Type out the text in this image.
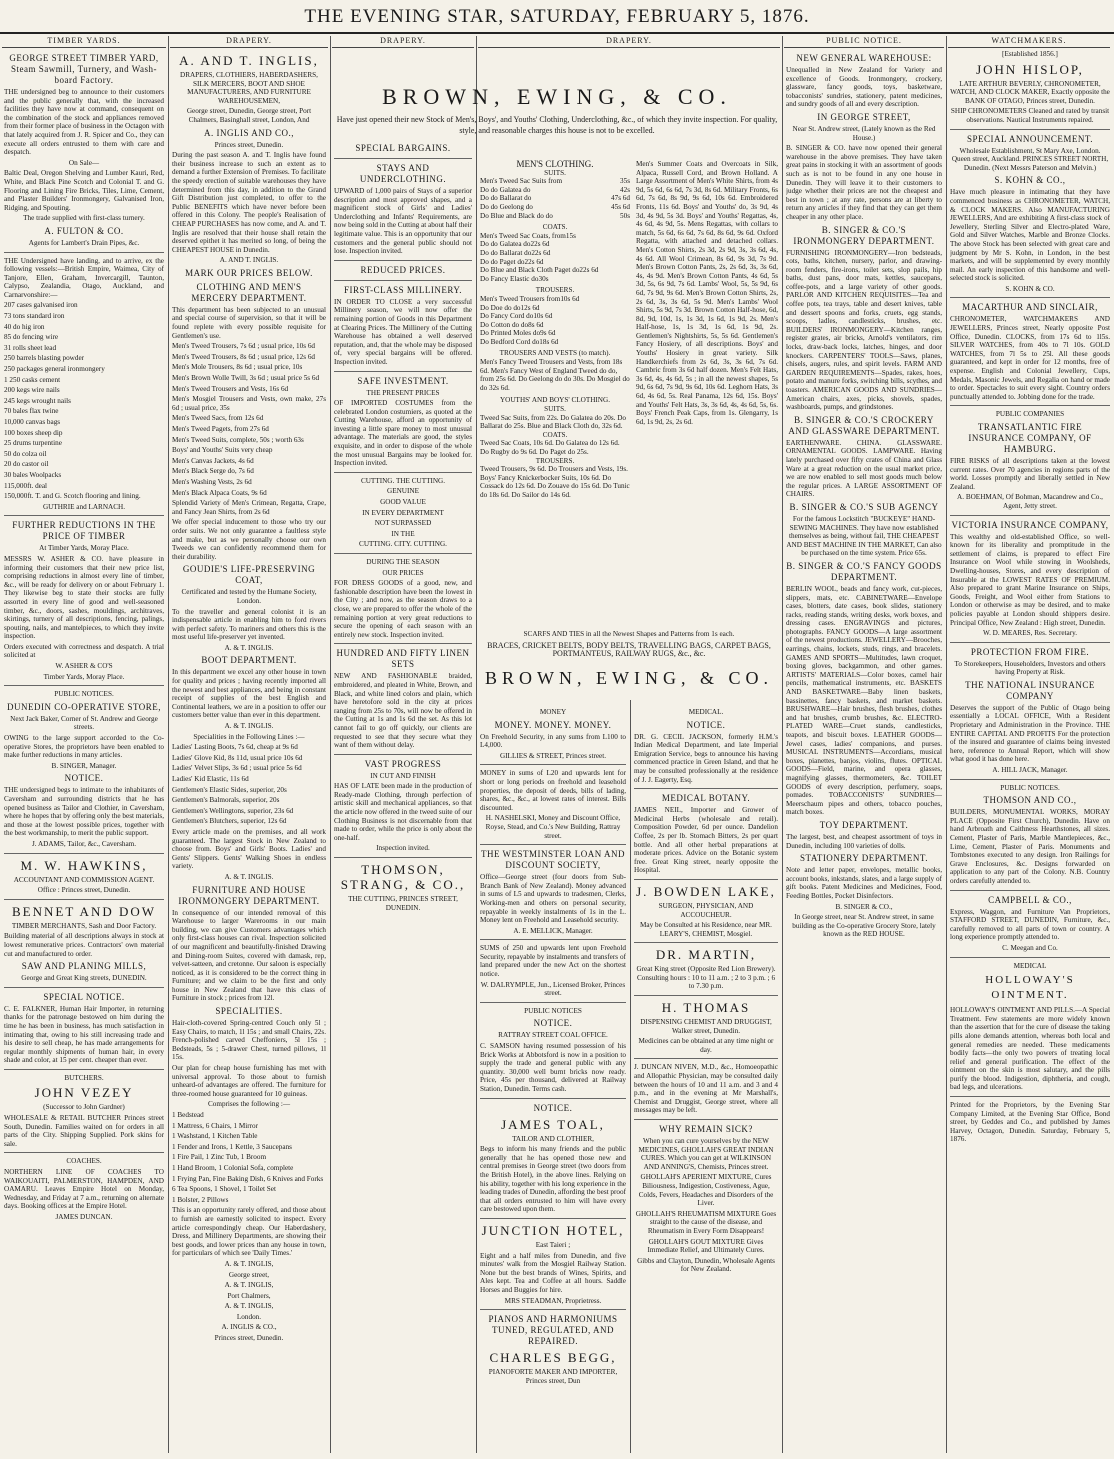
THE EVENING STAR, SATURDAY, FEBRUARY 5, 1876.
TIMBER YARDS.	DRAPERY.	DRAPERY.	DRAPERY.	PUBLIC NOTICE.	WATCHMAKERS.

GEORGE STREET TIMBER YARD, Steam Sawmill, Turnery, and Wash-board Factory.

THE undersigned beg to announce to their customers and the public generally that, with the increased facilities they have now at command, consequent on the combination of the stock and appliances removed from their former place of business in the Octagon with that lately acquired from J. R. Spicer and Co., they can execute all orders entrusted to them with care and despatch.

On Sale—

Baltic Deal, Oregon Shelving and Lumber Kauri, Red, White, and Black Pine Scotch and Colonial T. and G. Flooring and Lining Fire Bricks, Tiles, Lime, Cement, and Plaster Builders' Ironmongery, Galvanised Iron, Ridging, and Spouting.

The trade supplied with first-class turnery.

A. FULTON & CO.

Agents for Lambert's Drain Pipes, &c.

THE Undersigned have landing, and to arrive, ex the following vessels:—British Empire, Waimea, City of Tanjore, Ellen, Graham, Invercargill, Taunton, Calypso, Zealandia, Otago, Auckland, and Carnarvonshire:—

207 cases galvanised iron

73 tons standard iron

40 do hig iron

85 do fencing wire

31 rolls sheet lead

250 barrels blasting powder

250 packages general ironmongery

1 250 casks cement

200 kegs wire nails

245 kegs wrought nails

70 bales flax twine

10,000 canvas bags

100 boxes sheep dip

25 drums turpentine

50 do colza oil

20 do castor oil

30 bales Woolpacks

115,000ft. deal

150,000ft. T. and G. Scotch flooring and lining.

GUTHRIE and LARNACH.

FURTHER REDUCTIONS IN THE PRICE OF TIMBER

At Timber Yards, Moray Place.

MESSRS W. ASHER & CO. have pleasure in informing their customers that their new price list, comprising reductions in almost every line of timber, &c., will be ready for delivery on or about February 1. They likewise beg to state their stocks are fully assorted in every line of good and well-seasoned timber, &c., doors, sashes, mouldings, architraves, skirtings, turnery of all descriptions, fencing, palings, spouting, nails, and mantelpieces, to which they invite inspection.

Orders executed with correctness and despatch. A trial solicited at

W. ASHER & CO'S

Timber Yards, Moray Place.

PUBLIC NOTICES.

DUNEDIN CO-OPERATIVE STORE,

Next Jack Baker, Corner of St. Andrew and George streets.

OWING to the large support accorded to the Co-operative Stores, the proprietors have been enabled to make further reductions in many articles.

B. SINGER, Manager.

NOTICE.

THE undersigned begs to intimate to the inhabitants of Caversham and surrounding districts that he has opened business as Tailor and Clothier, in Caversham, where he hopes that by offering only the best materials, and those at the lowest possible prices, together with the best workmanship, to merit the public support.

J. ADAMS, Tailor, &c., Caversham.

M. W. HAWKINS,

ACCOUNTANT AND COMMISSION AGENT.

Office : Princes street, Dunedin.

BENNET AND DOW

TIMBER MERCHANTS, Sash and Door Factory.

Building material of all descriptions always in stock at lowest remunerative prices. Contractors' own material cut and manufactured to order.

SAW AND PLANING MILLS,

George and Great King streets, DUNEDIN.

SPECIAL NOTICE.

C. E. FALKNER, Human Hair Importer, in returning thanks for the patronage bestowed on him during the time he has been in business, has much satisfaction in intimating that, owing to his still increasing trade and his desire to sell cheap, he has made arrangements for regular monthly shipments of human hair, in every shade and color, at 15 per cent. cheaper than ever.

BUTCHERS.

JOHN VEZEY

(Successor to John Gardner)

WHOLESALE & RETAIL BUTCHER Princes street South, Dunedin. Families waited on for orders in all parts of the City. Shipping Supplied. Pork skins for sale.

COACHES.

NORTHERN LINE OF COACHES TO WAIKOUAITI, PALMERSTON, HAMPDEN, AND OAMARU. Leaves Empire Hotel on Monday, Wednesday, and Friday at 7 a.m., returning on alternate days. Booking offices at the Empire Hotel.

JAMES DUNCAN.

A. AND T. INGLIS,

DRAPERS, CLOTHIERS, HABERDASHERS, SILK MERCERS, BOOT AND SHOE MANUFACTURERS, AND FURNITURE WAREHOUSEMEN,

George street, Dunedin, George street, Port Chalmers, Basinghall street, London, And

A. INGLIS AND CO.,

Princes street, Dunedin.

During the past season A. and T. Inglis have found their business increase to such an extent as to demand a further Extension of Premises. To facilitate the speedy erection of suitable warehouses they have determined from this day, in addition to the Grand Gift Distribution just completed, to offer to the Public BENEFITS which have never before been offered in this Colony. The people's Realisation of CHEAP PURCHASES has now come, and A. and T. Inglis are resolved that their house shall retain the deserved epithet it has merited so long, of being the CHEAPEST HOUSE in Dunedin.

A. AND T. INGLIS.

MARK OUR PRICES BELOW.

CLOTHING AND MEN'S MERCERY DEPARTMENT.

This department has been subjected to an unusual and special course of supervision, so that it will be found replete with every possible requisite for Gentlemen's use.

Men's Tweed Trousers, 7s 6d ; usual price, 10s 6d

Men's Tweed Trousers, 8s 6d ; usual price, 12s 6d

Men's Mole Trousers, 8s 6d ; usual price, 10s

Men's Brown Wolle Twill, 3s 6d ; usual price 5s 6d

Men's Tweed Trousers and Vests, 16s 6d

Men's Mosgiel Trousers and Vests, own make, 27s 6d ; usual price, 35s

Men's Tweed Sacs, from 12s 6d

Men's Tweed Pagets, from 27s 6d

Men's Tweed Suits, complete, 50s ; worth 63s

Boys' and Youths' Suits very cheap

Men's Canvas Jackets, 4s 6d

Men's Black Serge do, 7s 6d

Men's Washing Vests, 2s 6d

Men's Black Alpaca Coats, 9s 6d

Splendid Variety of Men's Crimean, Regatta, Crape, and Fancy Jean Shirts, from 2s 6d

We offer special inducement to those who try our order suits. We not only guarantee a faultless style and make, but as we personally choose our own Tweeds we can confidently recommend them for their durability.

GOUDIE'S LIFE-PRESERVING COAT,

Certificated and tested by the Humane Society, London.

To the traveller and general colonist it is an indispensable article in enabling him to ford rivers with perfect safety. To mariners and others this is the most useful life-preserver yet invented.

A. & T. INGLIS.

BOOT DEPARTMENT.

In this department we excel any other house in town for quality and prices ; having recently imported all the newest and best appliances, and being in constant receipt of supplies of the best English and Continental leathers, we are in a position to offer our customers better value than ever in this department.

A. & T. INGLIS.

Specialities in the Following Lines :—

Ladies' Lasting Boots, 7s 6d, cheap at 9s 6d

Ladies' Glove Kid, 8s 11d, usual price 10s 6d

Ladies' Velvet Slips, 3s 6d ; usual price 5s 6d

Ladies' Kid Elastic, 11s 6d

Gentlemen's Elastic Sides, superior, 20s

Gentlemen's Balmorals, superior, 20s

Gentlemen's Wellingtons, superior, 23s 6d

Gentlemen's Blutchers, superior, 12s 6d

Every article made on the premises, and all work guaranteed. The largest Stock in New Zealand to choose from. Boys' and Girls' Boots. Ladies' and Gents' Slippers. Gents' Walking Shoes in endless variety.

A. & T. INGLIS.

FURNITURE AND HOUSE IRONMONGERY DEPARTMENT.

In consequence of our intended removal of this Warehouse to larger Warerooms in our main building, we can give Customers advantages which only first-class houses can rival. Inspection solicited of our magnificent and beautifully-finished Drawing and Dining-room Suites, covered with damask, rep, velvet-satteen, and cretonne. Our saloon is especially noticed, as it is considered to be the correct thing in Furniture; and we claim to be the first and only house in New Zealand that have this class of Furniture in stock ; prices from 12l.

SPECIALITIES.

Hair-cloth-covered Spring-centred Couch only 5l ; Easy Chairs, to match, 1l 15s ; and small Chairs, 22s. French-polished carved Cheffoniers, 5l 15s ; Bedsteads, 5s ; 5-drawer Chest, turned pillows, 1l 15s.

Our plan for cheap house furnishing has met with universal approval. To those about to furnish unheard-of advantages are offered. The furniture for three-roomed house guaranteed for 10 guineas.

Comprises the following :—

1 Bedstead

1 Mattress, 6 Chairs, 1 Mirror

1 Washstand, 1 Kitchen Table

1 Fender and Irons, 1 Kettle, 3 Saucepans

1 Fire Pail, 1 Zinc Tub, 1 Broom

1 Hand Broom, 1 Colonial Sofa, complete

1 Frying Pan, Fine Baking Dish, 6 Knives and Forks

6 Tea Spoons, 1 Shovel, 1 Toilet Set

1 Bolster, 2 Pillows

This is an opportunity rarely offered, and those about to furnish are earnestly solicited to inspect. Every article correspondingly cheap. Our Haberdashery, Dress, and Millinery Departments, are showing their best goods, and lower prices than any house in town, for particulars of which see 'Daily Times.'

A. & T. INGLIS,

George street,

A. & T. INGLIS,

Port Chalmers,

A. & T. INGLIS,

London.

A. INGLIS & CO.,

Princes street, Dunedin.

SPECIAL BARGAINS.

STAYS AND UNDERCLOTHING.

UPWARD of 1,000 pairs of Stays of a superior description and most approved shapes, and a magnificent stock of Girls' and Ladies' Underclothing and Infants' Requirements, are now being sold in the Cutting at about half their legitimate value. This is an opportunity that our customers and the general public should not lose. Inspection invited.

REDUCED PRICES.

FIRST-CLASS MILLINERY.

IN ORDER TO CLOSE a very successful Millinery season, we will now offer the remaining portion of Goods in this Department at Clearing Prices. The Millinery of the Cutting Warehouse has obtained a well deserved reputation, and, that the whole may be disposed of, very special bargains will be offered. Inspection invited.

SAFE INVESTMENT.

THE PRESENT PRICES

OF IMPORTED COSTUMES from the celebrated London costumiers, as quoted at the Cutting Warehouse, afford an opportunity of investing a little spare money to most unusual advantage. The materials are good, the styles exquisite, and in order to dispose of the whole the most unusual Bargains may be looked for. Inspection invited.

CUTTING. THE CUTTING.

GENUINE

GOOD VALUE

IN EVERY DEPARTMENT

NOT SURPASSED

IN THE

CUTTING. CITY. CUTTING.

DURING THE SEASON

OUR PRICES

FOR DRESS GOODS of a good, new, and fashionable description have been the lowest in the City ; and now, as the season draws to a close, we are prepared to offer the whole of the remaining portion at very great reductions to secure the opening of each season with an entirely new stock. Inspection invited.

HUNDRED AND FIFTY LINEN SETS

NEW AND FASHIONABLE braided, embroidered, and pleated in White, Brown, and Black, and white lined colors and plain, which have heretofore sold in the city at prices ranging from 25s to 70s, will now be offered in the Cutting at 1s and 1s 6d the set. As this lot cannot fail to go off quickly, our clients are requested to see that they secure what they want of them without delay.

VAST PROGRESS

IN CUT AND FINISH

HAS OF LATE been made in the production of Ready-made Clothing, through perfection of artistic skill and mechanical appliances, so that the article now offered in the tweed suite of our Clothing Business is not discernable from that made to order, while the price is only about the one-half.

Inspection invited.

THOMSON, STRANG, & CO.,

THE CUTTING, PRINCES STREET, DUNEDIN.

BROWN, EWING, & CO.
Have just opened their new Stock of Men's, Boys', and Youths' Clothing, Underclothing, &c., of which they invite inspection. For quality, style, and reasonable charges this house is not to be excelled.

MEN'S CLOTHING.

SUITS.

Men's Tweed Sac Suits from	35s
Do do Galatea do	42s
Do do Ballarat do	47s 6d
Do do Geelong do	45s 6d
Do Blue and Black do do	50s

COATS.

Men's Tweed Sac Coats, from15s
Do do Galatea do22s 6d
Do do Ballarat do22s 6d
Do do Paget do22s 6d
Do Blue and Black Cloth Paget do22s 6d
Do Fancy Elastic do30s

TROUSERS.

Men's Tweed Trousers from10s 6d
Do Doe do do12s 6d
Do Fancy Cord do10s 6d
Do Cotton do do8s 6d
Do Printed Moles do9s 6d
Do Bedford Cord do18s 6d

TROUSERS AND VESTS (to match).

Men's Fancy Tweed Trousers and Vests, from 18s 6d. Men's Fancy West of England Tweed do do, from 25s 6d. Do Geelong do do 30s. Do Mosgiel do do 32s 6d.

YOUTHS' AND BOYS' CLOTHING.

SUITS.

Tweed Sac Suits, from 22s. Do Galatea do 20s. Do Ballarat do 25s. Blue and Black Cloth do, 32s 6d.

COATS.

Tweed Sac Coats, 10s 6d. Do Galatea do 12s 6d. Do Rugby do 9s 6d. Do Paget do 25s.

TROUSERS.

Tweed Trousers, 9s 6d. Do Trousers and Vests, 19s.

Boys' Fancy Knickerbocker Suits, 10s 6d. Do Cossack do 12s 6d. Do Zouave do 15s 6d. Do Tunic do 18s 6d. Do Sailor do 14s 6d.

Men's Summer Coats and Overcoats in Silk, Alpaca, Russell Cord, and Brown Holland. A Large Assortment of Men's White Shirts, from 4s 9d, 5s 6d, 6s 6d, 7s 3d, 8s 6d. Military Fronts, 6s 6d, 7s 6d, 8s 9d, 9s 6d, 10s 6d. Embroidered Fronts, 11s 6d. Boys' and Youths' do, 3s 9d, 4s 3d, 4s 9d, 5s 3d. Boys' and Youths' Regattas, 4s, 4s 6d, 4s 9d, 5s. Mens Regattas, with collars to match, 5s 6d, 6s 6d, 7s 6d, 8s 6d, 9s 6d. Oxford Regatta, with attached and detached collars. Men's Cotton Shirts, 2s 3d, 2s 9d, 3s, 3s 6d, 4s, 4s 6d. All Wool Crimean, 8s 6d, 9s 3d, 7s 9d. Men's Brown Cotton Pants, 2s, 2s 6d, 3s, 3s 6d, 4s, 4s 9d. Men's Brown Cotton Pants, 4s 6d, 5s 3d, 5s, 6s 9d, 7s 6d. Lambs' Wool, 5s, 5s 9d, 6s 6d, 7s 9d, 9s 6d. Men's Brown Cotton Shirts, 2s, 2s 6d, 3s, 3s 6d, 5s 9d. Men's Lambs' Wool Shirts, 5s 9d, 7s 3d. Brown Cotton Half-hose, 6d, 8d, 9d, 10d, 1s, 1s 3d, 1s 6d, 1s 9d, 2s. Men's Half-hose, 1s, 1s 3d, 1s 6d, 1s 9d, 2s. Gentlemen's Nightshirts, 5s, 5s 6d. Gentlemen's Fancy Hosiery, of all descriptions. Boys' and Youths' Hosiery in great variety. Silk Handkerchiefs from 2s 6d, 3s, 3s 6d, 7s 6d. Cambric from 3s 6d half dozen. Men's Felt Hats, 3s 6d, 4s, 4s 6d, 5s ; in all the newest shapes, 5s 9d, 6s 6d, 7s 9d, 9s 6d, 10s 6d. Leghorn Hats, 3s 6d, 4s 6d, 5s. Real Panama, 12s 6d, 15s. Boys' and Youths' Felt Hats, 3s, 3s 6d, 4s, 4s 6d, 5s, 6s. Boys' French Peak Caps, from 1s. Glengarry, 1s 6d, 1s 9d, 2s, 2s 6d.

SCARFS AND TIES in all the Newest Shapes and Patterns from 1s each.

BRACES, CRICKET BELTS, BODY BELTS, TRAVELLING BAGS, CARPET BAGS, PORTMANTEUS, RAILWAY RUGS, &c., &c.

BROWN, EWING, & CO.

MONEY

MONEY. MONEY. MONEY.

On Freehold Security, in any sums from L100 to L4,000.

GILLIES & STREET, Princes street.

MONEY in sums of L20 and upwards lent for short or long periods on freehold and leasehold properties, the deposit of deeds, bills of lading, shares, &c., &c., at lowest rates of interest. Bills discounted.

H. NASHELSKI, Money and Discount Office, Royse, Stead, and Co.'s New Building, Rattray street.

THE WESTMINSTER LOAN AND DISCOUNT SOCIETY,

Office—George street (four doors from Sub-Branch Bank of New Zealand). Money advanced in sums of L5 and upwards to tradesmen, Clerks, Working-men and others on personal security, repayable in weekly instalments of 1s in the L. Money lent on Freehold and Leasehold security.

A. E. MELLICK, Manager.

SUMS of 250 and upwards lent upon Freehold Security, repayable by instalments and transfers of land prepared under the new Act on the shortest notice.

W. DALRYMPLE, Jun., Licensed Broker, Princes street.

PUBLIC NOTICES

NOTICE.

RATTRAY STREET COAL OFFICE.

C. SAMSON having resumed possession of his Brick Works at Abbotsford is now in a position to supply the trade and general public with any quantity. 30,000 well burnt bricks now ready. Price, 45s per thousand, delivered at Railway Station, Dunedin. Terms cash.

NOTICE.

JAMES TOAL,

TAILOR AND CLOTHIER,

Begs to inform his many friends and the public generally that he has opened those new and central premises in George street (two doors from the British Hotel), in the above lines. Relying on his ability, together with his long experience in the leading trades of Dunedin, affording the best proof that all orders entrusted to him will have every care bestowed upon them.

JUNCTION HOTEL,

East Taieri ;

Eight and a half miles from Dunedin, and five minutes' walk from the Mosgiel Railway Station. None but the best brands of Wines, Spirits, and Ales kept. Tea and Coffee at all hours. Saddle Horses and Buggies for hire.

MRS STEADMAN, Proprietress.

PIANOS AND HARMONIUMS TUNED, REGULATED, AND REPAIRED.

CHARLES BEGG,

PIANOFORTE MAKER AND IMPORTER, Princes street, Dun

MEDICAL.

NOTICE.

DR. G. CECIL JACKSON, formerly H.M.'s Indian Medical Department, and late Imperial Emigration Service, begs to announce his having commenced practice in Green Island, and that he may be consulted professionally at the residence of J. J. Eagerty, Esq.

MEDICAL BOTANY.

JAMES NEIL, Importer and Grower of Medicinal Herbs (wholesale and retail). Composition Powder, 6d per ounce. Dandelion Coffee, 2s per lb. Stomach Bitters, 2s per quart bottle. And all other herbal preparations at moderate prices. Advice on the Botanic system free. Great King street, nearly opposite the Hospital.

J. BOWDEN LAKE,

SURGEON, PHYSICIAN, AND ACCOUCHEUR.

May be Consulted at his Residence, near MR. LEARY'S, CHEMIST, Mosgiel.

DR. MARTIN,

Great King street (Opposite Red Lion Brewery). Consulting hours : 10 to 11 a.m. ; 2 to 3 p.m. ; 6 to 7.30 p.m.

H. THOMAS

DISPENSING CHEMIST AND DRUGGIST, Walker street, Dunedin.

Medicines can be obtained at any time night or day.

J. DUNCAN NIVEN, M.D., &c., Homoeopathic and Allopathic Physician, may be consulted daily between the hours of 10 and 11 a.m. and 3 and 4 p.m., and in the evening at Mr Marshall's, Chemist and Druggist, George street, where all messages may be left.

WHY REMAIN SICK?

When you can cure yourselves by the NEW MEDICINES, GHOLLAH'S GREAT INDIAN CURES. Which you can get at WILKINSON AND ANNING'S, Chemists, Princes street.

GHOLLAH'S APERIENT MIXTURE, Cures Biliousness, Indigestion, Costiveness, Ague, Colds, Fevers, Headaches and Disorders of the Liver.

GHOLLAH'S RHEUMATISM MIXTURE Goes straight to the cause of the disease, and Rheumatism in Every Form Disappears!

GHOLLAH'S GOUT MIXTURE Gives Immediate Relief, and Ultimately Cures.

Gibbs and Clayton, Dunedin, Wholesale Agents for New Zealand.

NEW GENERAL WAREHOUSE:

Unequalled in New Zealand for Variety and excellence of Goods. Ironmongery, crockery, glassware, fancy goods, toys, basketware, tobacconists' sundries, stationery, patent medicines, and sundry goods of all and every description.

IN GEORGE STREET,

Near St. Andrew street, (Lately known as the Red House.)

B. SINGER & CO. have now opened their general warehouse in the above premises. They have taken great pains in stocking it with an assortment of goods such as is not to be found in any one house in Dunedin. They will leave it to their customers to judge whether their prices are not the cheapest and best in town ; at any rate, persons are at liberty to return any articles if they find that they can get them cheaper in any other place.

B. SINGER & CO.'S IRONMONGERY DEPARTMENT.

FURNISHING IRONMONGERY—Iron bedsteads, cots, baths, kitchen, nursery, parlor, and drawing-room fenders, fire-irons, toilet sets, slop pails, hip baths, dust pans, door mats, kettles, saucepans, coffee-pots, and a large variety of other goods. PARLOR AND KITCHEN REQUISITES—Tea and coffee pots, tea trays, table and desert knives, table and dessert spoons and forks, cruets, egg stands, scoops, ladles, candlesticks, brushes, etc. BUILDERS' IRONMONGERY—Kitchen ranges, register grates, air bricks, Arnold's ventilators, rim locks, draw-back locks, latches, hinges, and door knockers. CARPENTERS' TOOLS—Saws, planes, chisels, augers, rules, and spirit levels. FARM AND GARDEN REQUIREMENTS—Spades, rakes, hoes, potato and manure forks, switching bills, scythes, and toasters. AMERICAN GOODS AND SUNDRIES—American chairs, axes, picks, shovels, spades, washboards, pumps, and grindstones.

B. SINGER & CO.'S CROCKERY AND GLASSWARE DEPARTMENT.

EARTHENWARE. CHINA. GLASSWARE. ORNAMENTAL GOODS. LAMPWARE. Having lately purchased over fifty crates of China and Glass Ware at a great reduction on the usual market price, we are now enabled to sell most goods much below the regular prices. A LARGE ASSORTMENT OF CHAIRS.

B. SINGER & CO.'S SUB AGENCY

For the famous Lockstitch "BUCKEYE" HAND-SEWING MACHINES. They have now established themselves as being, without fail, THE CHEAPEST AND BEST MACHINE IN THE MARKET, Can also be purchased on the time system. Price 65s.

B. SINGER & CO.'S FANCY GOODS DEPARTMENT.

BERLIN WOOL, beads and fancy work, cut-pieces, slippers, mats, etc. CABINETWARE—Envelope cases, blotters, date cases, book slides, stationery racks, reading stands, writing desks, work boxes, and dressing cases. ENGRAVINGS and pictures, photographs. FANCY GOODS—A large assortment of the newest productions. JEWELLERY—Brooches, earrings, chains, lockets, studs, rings, and bracelets. GAMES AND SPORTS—Multitudes, lawn croquet, boxing gloves, backgammon, and other games. ARTISTS' MATERIALS—Color boxes, camel hair pencils, mathematical instruments, etc. BASKETS AND BASKETWARE—Baby linen baskets, bassinettes, fancy baskets, and market baskets. BRUSHWARE—Hair brushes, flesh brushes, clothes and hat brushes, crumb brushes, &c. ELECTRO-PLATED WARE—Cruet stands, candlesticks, teapots, and biscuit boxes. LEATHER GOODS—Jewel cases, ladies' companions, and purses. MUSICAL INSTRUMENTS—Accordians, musical boxes, pianettes, banjos, violins, flutes. OPTICAL GOODS—Field, marine, and opera glasses, magnifying glasses, thermometers, &c. TOILET GOODS of every description, perfumery, soaps, pomades. TOBACCONISTS' SUNDRIES—Meerschaum pipes and others, tobacco pouches, match boxes.

TOY DEPARTMENT.

The largest, best, and cheapest assortment of toys in Dunedin, including 100 varieties of dolls.

STATIONERY DEPARTMENT.

Note and letter paper, envelopes, metallic books, account books, inkstands, slates, and a large supply of gift books. Patent Medicines and Medicines, Food, Feeding Bottles, Pocket Disinfectors.

B. SINGER & CO.,

In George street, near St. Andrew street, in same building as the Co-operative Grocery Store, lately known as the RED HOUSE.

[Established 1856.]

JOHN HISLOP,

LATE ARTHUR BEVERLY, CHRONOMETER, WATCH, AND CLOCK MAKER, Exactly opposite the BANK OF OTAGO, Princes street, Dunedin.

SHIP CHRONOMETERS Cleaned and rated by transit observations. Nautical Instruments repaired.

SPECIAL ANNOUNCEMENT.

Wholesale Establishment, St Mary Axe, London. Queen street, Auckland. PRINCES STREET NORTH, Dunedin. (Next Messrs Paterson and Melvin.)

S. KOHN & CO.,

Have much pleasure in intimating that they have commenced business as CHRONOMETER, WATCH, & CLOCK MAKERS. Also MANUFACTURING JEWELLERS, And are exhibiting A first-class stock of Jewellery, Sterling Silver and Electro-plated Ware, Gold and Silver Watches, Marble and Bronze Clocks. The above Stock has been selected with great care and judgment by Mr S. Kohn, in London, in the best markets, and will be supplemented by every monthly mail. An early inspection of this handsome and well-selected stock is solicited.

S. KOHN & CO.

MACARTHUR AND SINCLAIR,

CHRONOMETER, WATCHMAKERS AND JEWELLERS, Princes street, Nearly opposite Post Office, Dunedin. CLOCKS, from 17s 6d to 1l5s. SILVER WATCHES, from 40s to 7l 10s. GOLD WATCHES, from 7l 5s to 25l. All these goods guaranteed, and kept in order for 12 months, free of expense. English and Colonial Jewellery, Cups, Medals, Masonic Jewels, and Regalia on hand or made to order. Spectacles to suit every sight. Country orders punctually attended to. Jobbing done for the trade.

PUBLIC COMPANIES

TRANSATLANTIC FIRE INSURANCE COMPANY, OF HAMBURG.

FIRE RISKS of all descriptions taken at the lowest current rates. Over 70 agencies in regions parts of the world. Losses promptly and liberally settled in New Zealand.

A. BOEHMAN, Of Bohman, Macandrew and Co., Agent, Jetty street.

VICTORIA INSURANCE COMPANY,

This wealthy and old-established Office, so well-known for its liberality and promptitude in the settlement of claims, is prepared to effect Fire Insurance on Wool while stowing in Woolsheds, Dwelling-houses, Stores, and every description of Insurable at the LOWEST RATES OF PREMIUM. Also prepared to grant Marine Insurance on Ships, Goods, Freight, and Wool either from Stations to London or otherwise as may be desired, and to make policies payable at London should shippers desire. Principal Office, New Zealand : High street, Dunedin.

W. D. MEARES, Res. Secretary.

PROTECTION FROM FIRE.

To Storekeepers, Householders, Investors and others having Property at Risk.

THE NATIONAL INSURANCE COMPANY

Deserves the support of the Public of Otago being essentially a LOCAL OFFICE, With a Resident Proprietary and Administration in the Province. THE ENTIRE CAPITAL AND PROFITS For the protection of the insured and guarantee of claims being invested here, reference to Annual Report, which will show what good it has done here.

A. HILL JACK, Manager.

PUBLIC NOTICES.

THOMSON AND CO.,

BUILDERS, MONUMENTAL WORKS, MORAY PLACE (Opposite First Church), Dunedin. Have on hand Arbroath and Caithness Hearthstones, all sizes. Cement, Plaster of Paris, Marble Mantlepieces, &c., Lime, Cement, Plaster of Paris. Monuments and Tombstones executed to any design. Iron Railings for Grave Enclosures, &c. Designs forwarded on application to any part of the Colony. N.B. Country orders carefully attended to.

CAMPBELL & CO.,

Express, Waggon, and Furniture Van Proprietors, STAFFORD STREET, DUNEDIN, Furniture, &c., carefully removed to all parts of town or country. A long experience promptly attended to.

C. Meegan and Co.

MEDICAL

HOLLOWAY'S OINTMENT.

HOLLOWAY'S OINTMENT AND PILLS.—A Special Treatment. Few statements are more widely known than the assertion that for the cure of disease the taking pills alone demands attention, whereas both local and general remedies are needed. These medicaments bodily facts—the only two powers of treating local relief and general purification. The effect of the ointment on the skin is most salutary, and the pills purify the blood. Indigestion, diphtheria, and cough, bad legs, and ulcerations.

Printed for the Proprietors, by the Evening Star Company Limited, at the Evening Star Office, Bond street, by Geddes and Co., and published by James Harvey, Octagon, Dunedin. Saturday, February 5, 1876.
